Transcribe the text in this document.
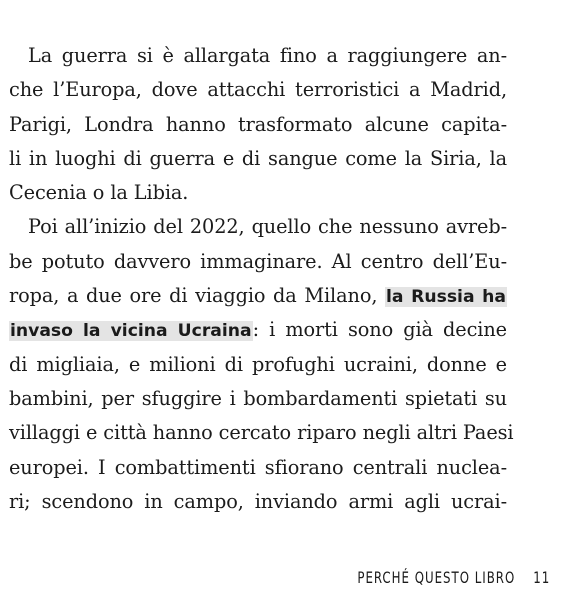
La guerra si è allargata fino a raggiungere an-
che l’Europa, dove attacchi terroristici a Madrid,
Parigi, Londra hanno trasformato alcune capita-
li in luoghi di guerra e di sangue come la Siria, la
Cecenia o la Libia.
Poi all’inizio del 2022, quello che nessuno avreb-
be potuto davvero immaginare. Al centro dell’Eu-
ropa, a due ore di viaggio da Milano, la Russia ha
invaso la vicina Ucraina: i morti sono già decine
di migliaia, e milioni di profughi ucraini, donne e
bambini, per sfuggire i bombardamenti spietati su
villaggi e città hanno cercato riparo negli altri Paesi
europei. I combattimenti sfiorano centrali nuclea-
ri; scendono in campo, inviando armi agli ucrai-
PERCHÉ QUESTO LIBRO 11
